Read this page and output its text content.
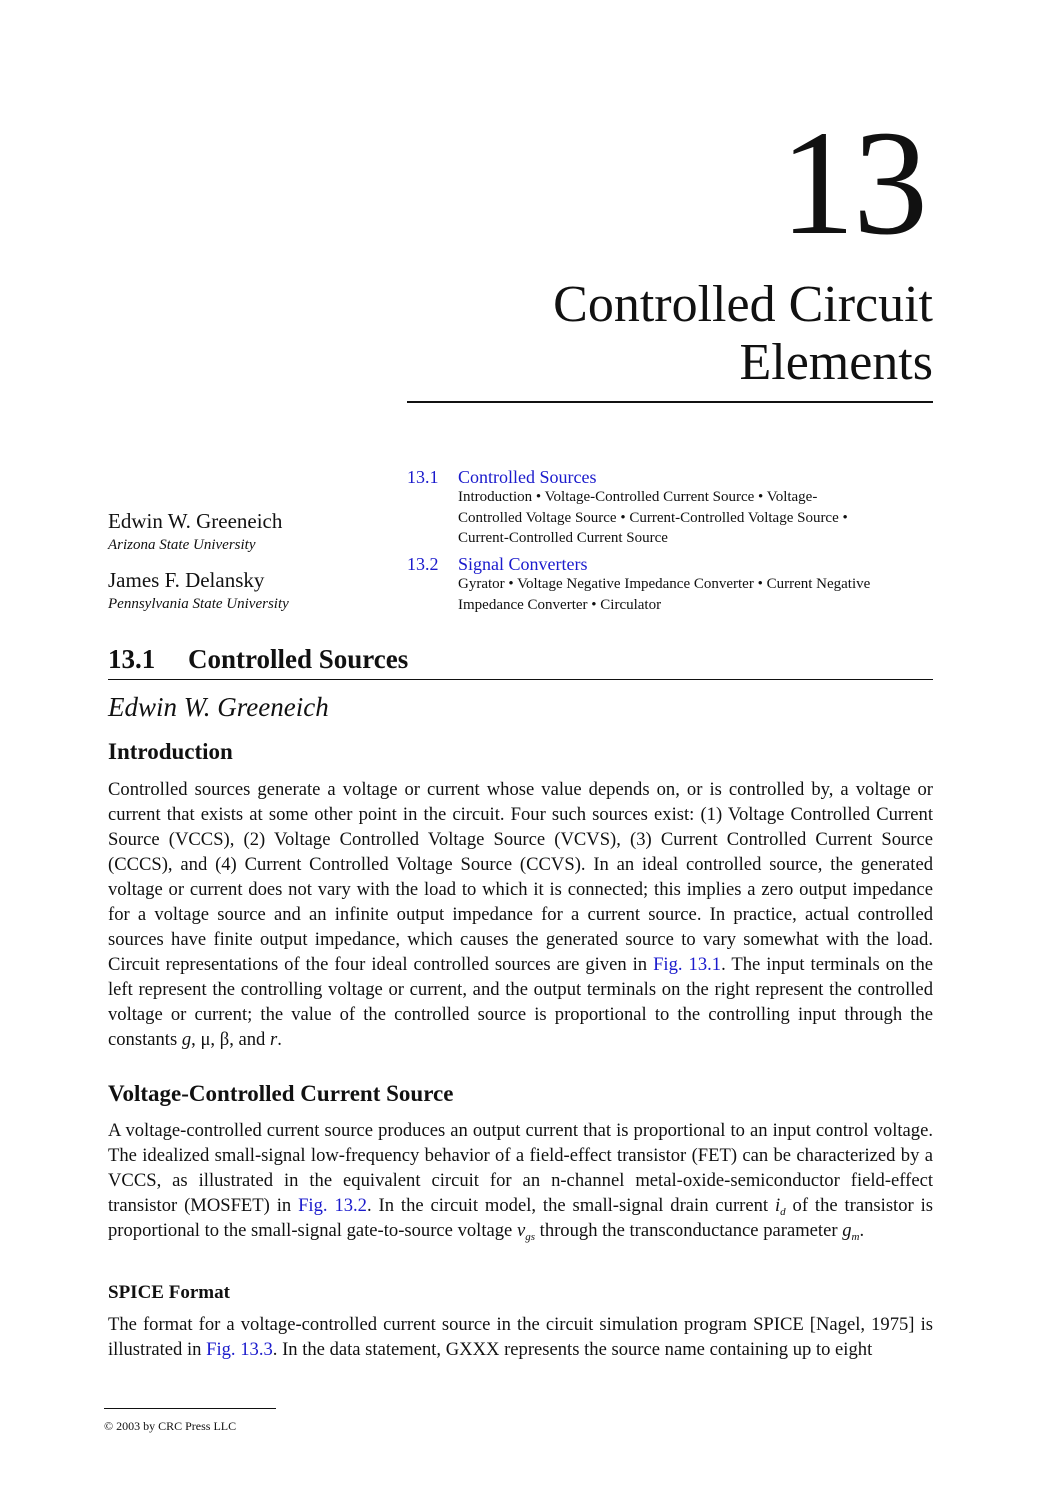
13
Controlled Circuit
Elements
Edwin W. Greeneich
Arizona State University
James F. Delansky
Pennsylvania State University
13.1 Controlled Sources
Introduction • Voltage-Controlled Current Source • Voltage-Controlled Voltage Source • Current-Controlled Voltage Source • Current-Controlled Current Source
13.2 Signal Converters
Gyrator • Voltage Negative Impedance Converter • Current Negative Impedance Converter • Circulator
13.1 Controlled Sources
Edwin W. Greeneich
Introduction
Controlled sources generate a voltage or current whose value depends on, or is controlled by, a voltage or current that exists at some other point in the circuit. Four such sources exist: (1) Voltage Controlled Current Source (VCCS), (2) Voltage Controlled Voltage Source (VCVS), (3) Current Controlled Current Source (CCCS), and (4) Current Controlled Voltage Source (CCVS). In an ideal controlled source, the generated voltage or current does not vary with the load to which it is connected; this implies a zero output impedance for a voltage source and an infinite output impedance for a current source. In practice, actual controlled sources have finite output impedance, which causes the generated source to vary somewhat with the load. Circuit representations of the four ideal controlled sources are given in Fig. 13.1. The input terminals on the left represent the controlling voltage or current, and the output terminals on the right represent the controlled voltage or current; the value of the controlled source is proportional to the controlling input through the constants g, μ, β, and r.
Voltage-Controlled Current Source
A voltage-controlled current source produces an output current that is proportional to an input control voltage. The idealized small-signal low-frequency behavior of a field-effect transistor (FET) can be characterized by a VCCS, as illustrated in the equivalent circuit for an n-channel metal-oxide-semiconductor field-effect transistor (MOSFET) in Fig. 13.2. In the circuit model, the small-signal drain current $i_d$ of the transistor is proportional to the small-signal gate-to-source voltage $v_{gs}$ through the transconductance parameter $g_m$.
SPICE Format
The format for a voltage-controlled current source in the circuit simulation program SPICE [Nagel, 1975] is illustrated in Fig. 13.3. In the data statement, GXXX represents the source name containing up to eight
© 2003 by CRC Press LLC
